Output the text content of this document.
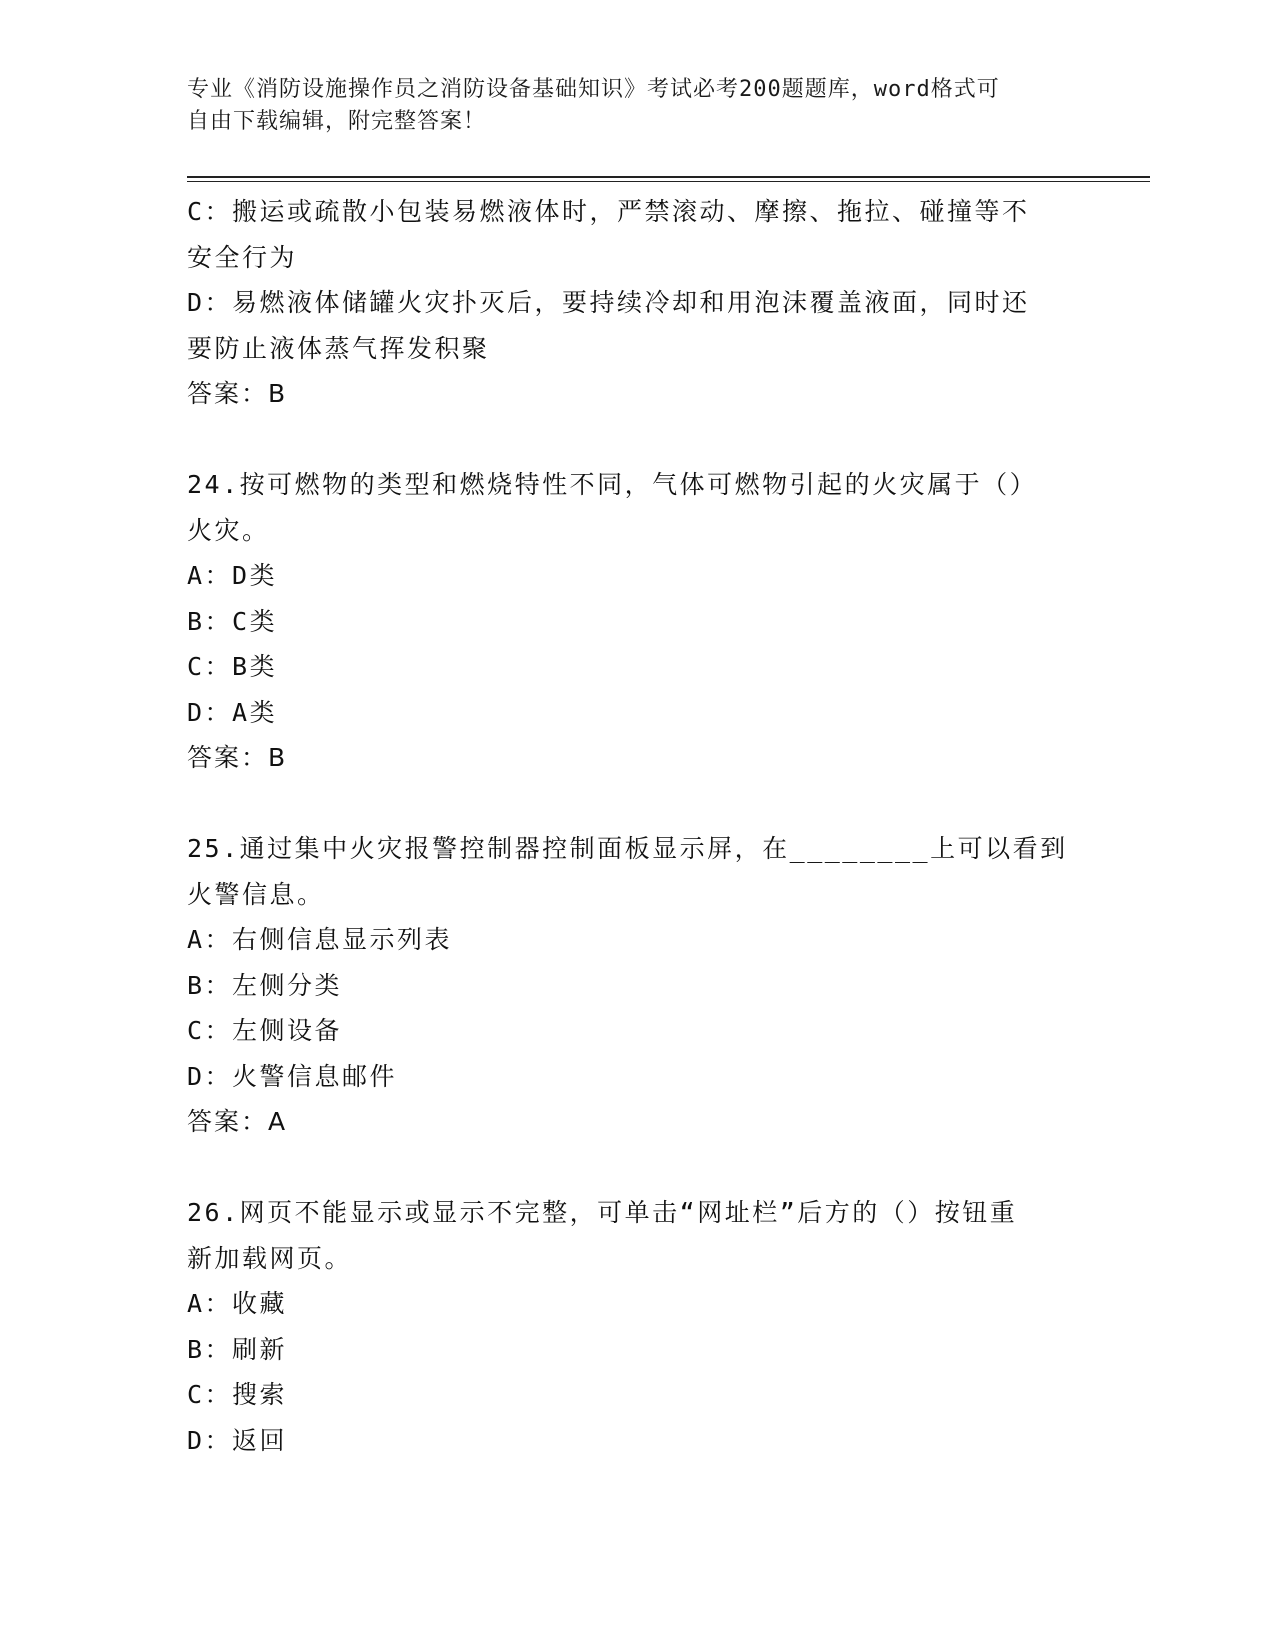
专业《消防设施操作员之消防设备基础知识》考试必考200题题库，word格式可
自由下载编辑，附完整答案！
C：搬运或疏散小包装易燃液体时，严禁滚动、摩擦、拖拉、碰撞等不
安全行为
D：易燃液体储罐火灾扑灭后，要持续冷却和用泡沫覆盖液面，同时还
要防止液体蒸气挥发积聚
答案：B
24.按可燃物的类型和燃烧特性不同，气体可燃物引起的火灾属于（）
火灾。
A：D类
B：C类
C：B类
D：A类
答案：B
25.通过集中火灾报警控制器控制面板显示屏，在________上可以看到
火警信息。
A：右侧信息显示列表
B：左侧分类
C：左侧设备
D：火警信息邮件
答案：A
26.网页不能显示或显示不完整，可单击“网址栏”后方的（）按钮重
新加载网页。
A：收藏
B：刷新
C：搜索
D：返回
